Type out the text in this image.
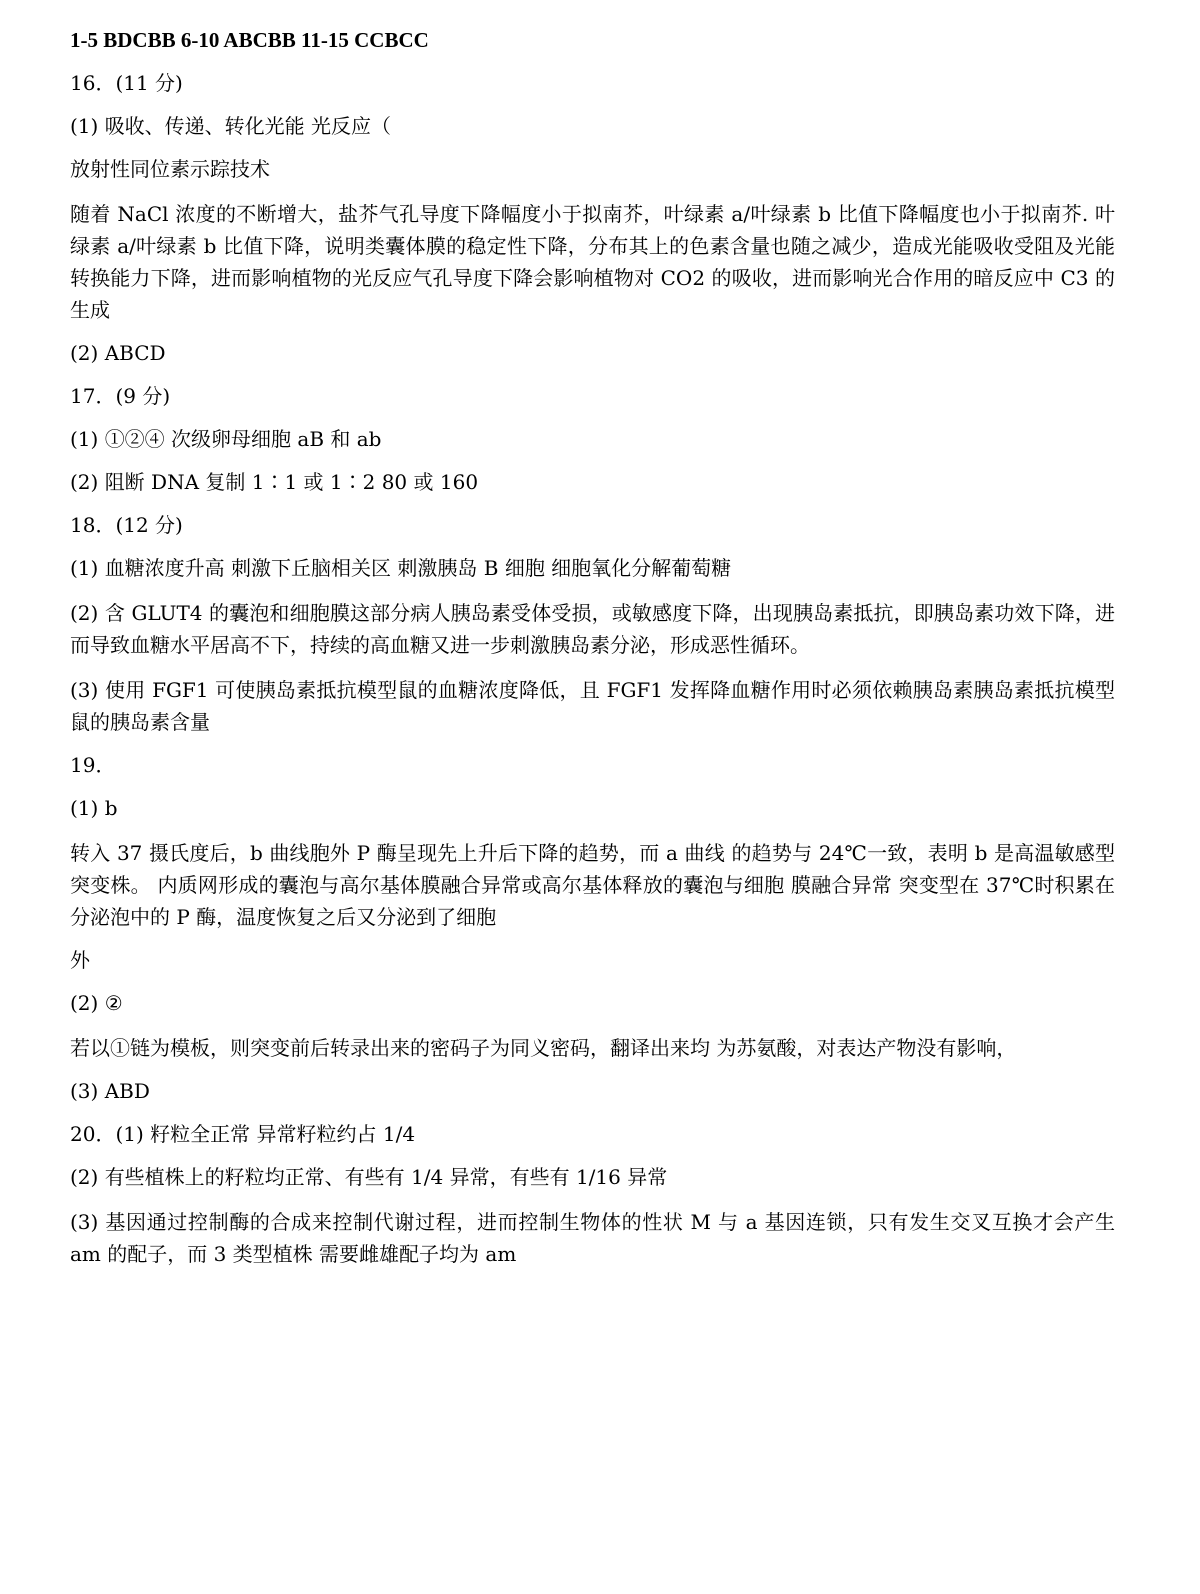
1-5 BDCBB 6-10 ABCBB 11-15 CCBCC

16．(11 分)

(1) 吸收、传递、转化光能 光反应（

放射性同位素示踪技术

随着 NaCl 浓度的不断增大，盐芥气孔导度下降幅度小于拟南芥，叶绿素 a/叶绿素 b 比值下降幅度也小于拟南芥. 叶绿素 a/叶绿素 b 比值下降，说明类囊体膜的稳定性下降，分布其上的色素含量也随之减少，造成光能吸收受阻及光能转换能力下降，进而影响植物的光反应气孔导度下降会影响植物对 CO2 的吸收，进而影响光合作用的暗反应中 C3 的生成

(2) ABCD

17．(9 分)

(1) ①②④ 次级卵母细胞 aB 和 ab

(2) 阻断 DNA 复制 1∶1 或 1∶2 80 或 160

18．(12 分)

(1) 血糖浓度升高 刺激下丘脑相关区 刺激胰岛 B 细胞 细胞氧化分解葡萄糖

(2) 含 GLUT4 的囊泡和细胞膜这部分病人胰岛素受体受损，或敏感度下降，出现胰岛素抵抗，即胰岛素功效下降，进而导致血糖水平居高不下，持续的高血糖又进一步刺激胰岛素分泌，形成恶性循环。

(3) 使用 FGF1 可使胰岛素抵抗模型鼠的血糖浓度降低，且 FGF1 发挥降血糖作用时必须依赖胰岛素胰岛素抵抗模型鼠的胰岛素含量

19．

(1) b

转入 37 摄氏度后，b 曲线胞外 P 酶呈现先上升后下降的趋势，而 a 曲线 的趋势与 24℃一致，表明 b 是高温敏感型突变株。 内质网形成的囊泡与高尔基体膜融合异常或高尔基体释放的囊泡与细胞 膜融合异常 突变型在 37℃时积累在分泌泡中的 P 酶，温度恢复之后又分泌到了细胞

外

(2) ②

若以①链为模板，则突变前后转录出来的密码子为同义密码，翻译出来均 为苏氨酸，对表达产物没有影响，

(3) ABD

20．(1) 籽粒全正常 异常籽粒约占 1/4

(2) 有些植株上的籽粒均正常、有些有 1/4 异常，有些有 1/16 异常

(3) 基因通过控制酶的合成来控制代谢过程，进而控制生物体的性状 M 与 a 基因连锁，只有发生交叉互换才会产生 am 的配子，而 3 类型植株 需要雌雄配子均为 am
